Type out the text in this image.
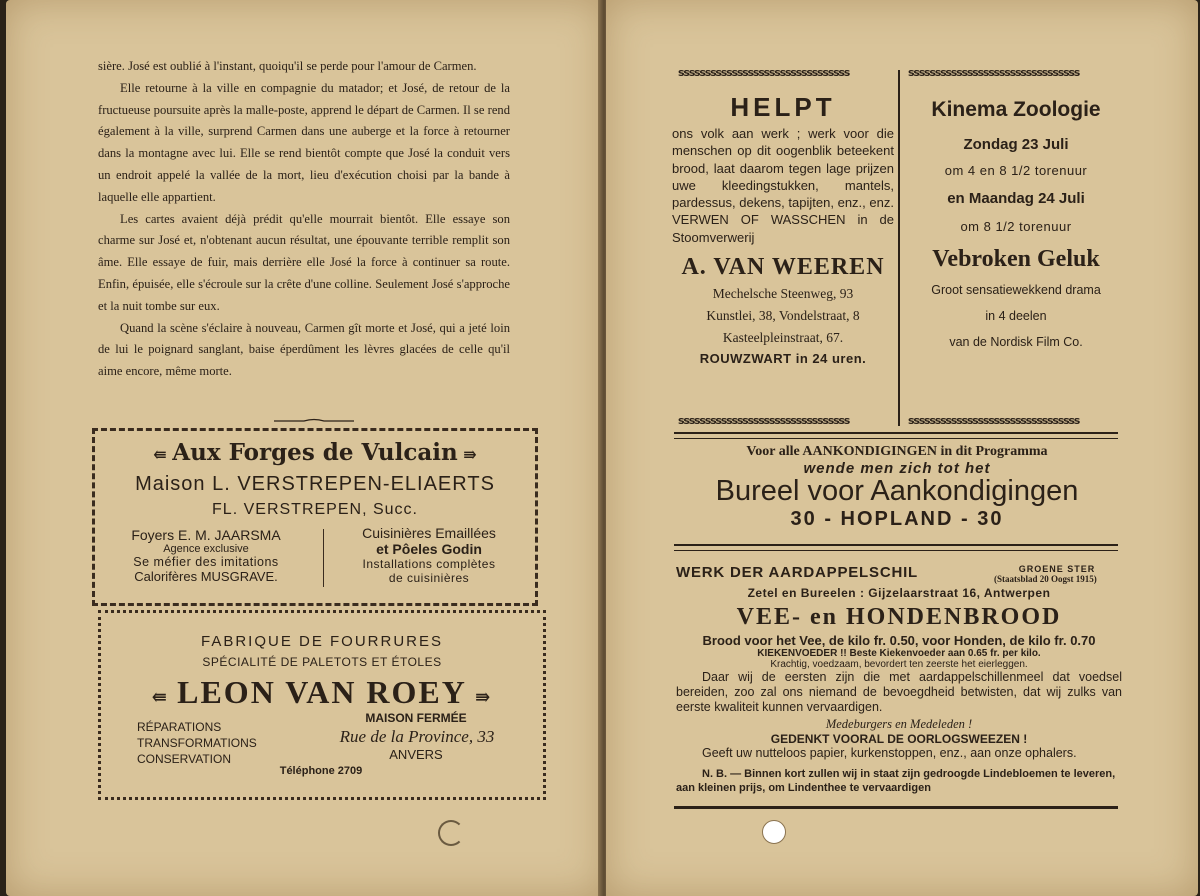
sière. José est oublié à l'instant, quoiqu'il se perde pour l'amour de Carmen.

Elle retourne à la ville en compagnie du matador; et José, de retour de la fructueuse poursuite après la malle-poste, apprend le départ de Carmen. Il se rend également à la ville, surprend Carmen dans une auberge et la force à retourner dans la montagne avec lui. Elle se rend bientôt compte que José la conduit vers un endroit appelé la vallée de la mort, lieu d'exécution choisi par la bande à laquelle elle appartient.

Les cartes avaient déjà prédit qu'elle mourrait bientôt. Elle essaye son charme sur José et, n'obtenant aucun résultat, une épouvante terrible remplit son âme. Elle essaye de fuir, mais derrière elle José la force à continuer sa route. Enfin, épuisée, elle s'écroule sur la crête d'une colline. Seulement José s'approche et la nuit tombe sur eux.

Quand la scène s'éclaire à nouveau, Carmen gît morte et José, qui a jeté loin de lui le poignard sanglant, baise éperdûment les lèvres glacées de celle qu'il aime encore, même morte.

⇚ Aux Forges de Vulcain ⇛
Maison L. VERSTREPEN-ELIAERTS
FL. VERSTREPEN, Succ.
Foyers E. M. JAARSMA
Agence exclusive
Se méfier des imitations
Calorifères MUSGRAVE.
Cuisinières Emaillées
et Pôeles Godin
Installations complètes
de cuisinières
FABRIQUE DE FOURRURES
SPÉCIALITÉ DE PALETOTS ET ÉTOLES
⇚ LEON VAN ROEY ⇛
RÉPARATIONS
TRANSFORMATIONS
CONSERVATION
MAISON FERMÉE
Rue de la Province, 33
ANVERS
Téléphone 2709
ssssssssssssssssssssssssssssssss	ssssssssssssssssssssssssssssssss
HELPT
ons volk aan werk ; werk voor die menschen op dit oogenblik beteekent brood, laat daarom tegen lage prijzen uwe kleedingstukken, mantels, pardessus, dekens, tapijten, enz., enz. VERWEN OF WASSCHEN in de Stoomverwerij
A. VAN WEEREN
Mechelsche Steenweg, 93
Kunstlei, 38, Vondelstraat, 8
Kasteelpleinstraat, 67.
ROUWZWART in 24 uren.
Kinema Zoologie
Zondag 23 Juli
om 4 en 8 1/2 torenuur
en Maandag 24 Juli
om 8 1/2 torenuur
Vebroken Geluk
Groot sensatiewekkend drama
in 4 deelen
van de Nordisk Film Co.
ssssssssssssssssssssssssssssssss	ssssssssssssssssssssssssssssssss
Voor alle AANKONDIGINGEN in dit Programma
wende men zich tot het
Bureel voor Aankondigingen
30 - HOPLAND - 30
WERK DER AARDAPPELSCHIL	GROENE STER
(Staatsblad 20 Oogst 1915)
Zetel en Bureelen : Gijzelaarstraat 16, Antwerpen
VEE- en HONDENBROOD
Brood voor het Vee, de kilo fr. 0.50, voor Honden, de kilo fr. 0.70
KIEKENVOEDER !! Beste Kiekenvoeder aan 0.65 fr. per kilo.
Krachtig, voedzaam, bevordert ten zeerste het eierleggen.
Daar wij de eersten zijn die met aardappelschillenmeel dat voedsel bereiden, zoo zal ons niemand de bevoegdheid betwisten, dat wij zulks van eerste kwaliteit kunnen vervaardigen.
Medeburgers en Medeleden !
GEDENKT VOORAL DE OORLOGSWEEZEN !
Geeft uw nutteloos papier, kurkenstoppen, enz., aan onze ophalers.
N. B. — Binnen kort zullen wij in staat zijn gedroogde Lindebloemen te leveren, aan kleinen prijs, om Lindenthee te vervaardigen
